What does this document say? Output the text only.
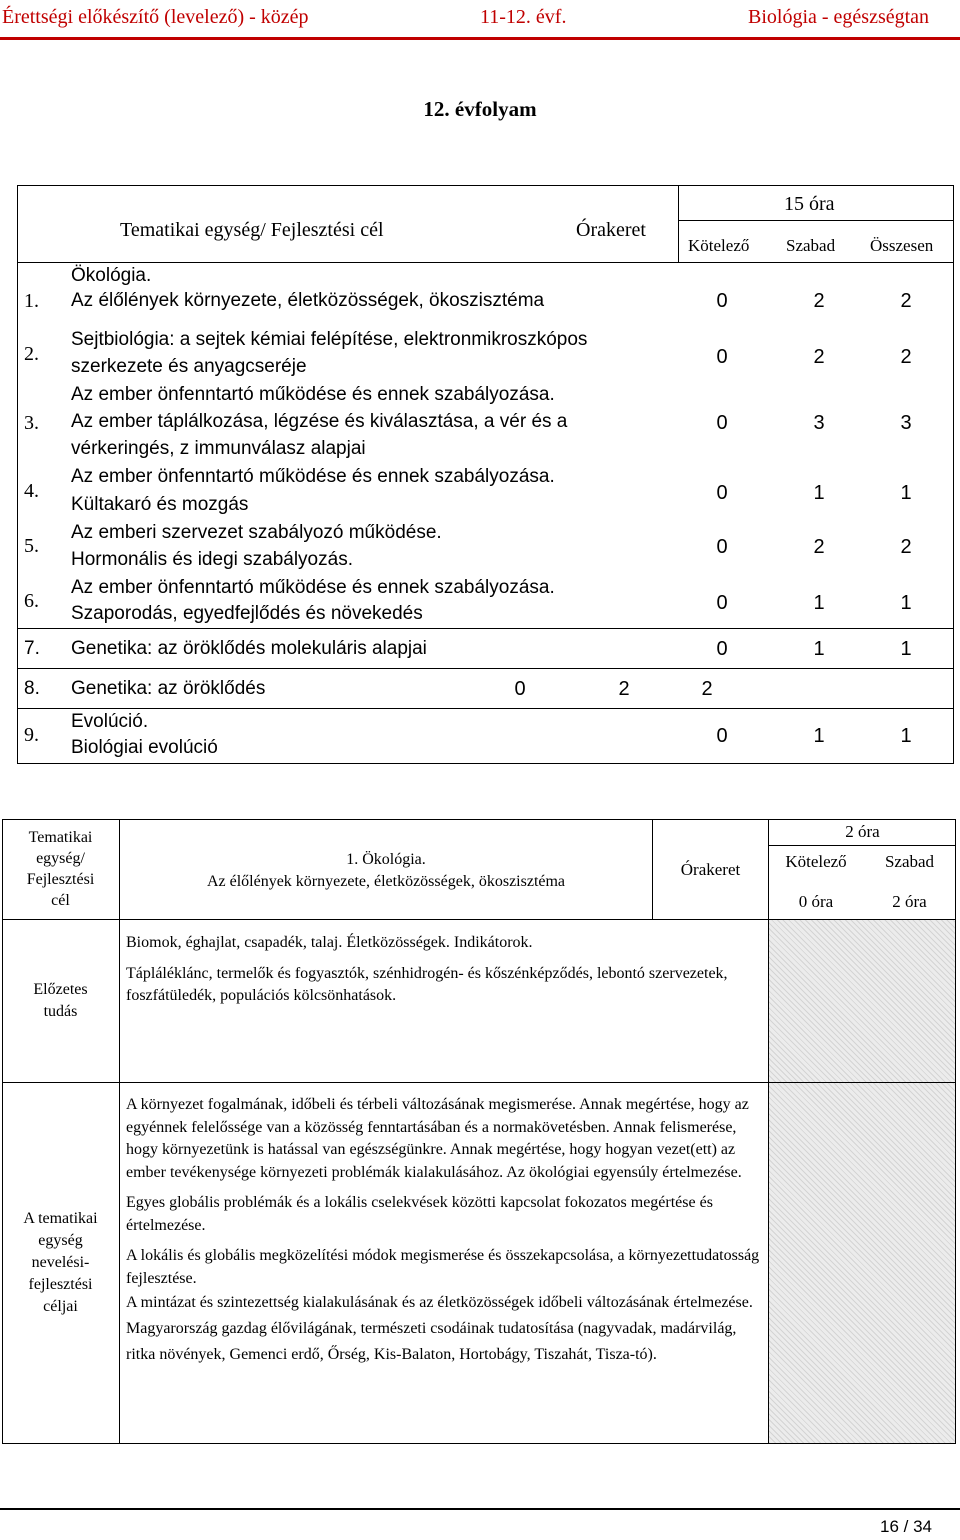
Érettségi előkészítő (levelező) - közép	11-12. évf.	Biológia - egészségtan
12. évfolyam
Tematikai egység/ Fejlesztési cél	Órakeret
15 óra
Kötelező Szabad Összesen
1.
Ökológia.
Az élőlények környezete, életközösségek, ökoszisztéma	0	2	2
2.
Sejtbiológia: a sejtek kémiai felépítése, elektronmikroszkópos
szerkezete és anyagcseréje	0	2	2
3.
Az ember önfenntartó működése és ennek szabályozása.
Az ember táplálkozása, légzése és kiválasztása, a vér és a
vérkeringés, z immunválasz alapjai
0	3	3
4.
Az ember önfenntartó működése és ennek szabályozása.
Kültakaró és mozgás
0	1	1
5.
Az emberi szervezet szabályozó működése.
Hormonális és idegi szabályozás.
0	2	2
6.
Az ember önfenntartó működése és ennek szabályozása.
Szaporodás, egyedfejlődés és növekedés	0	1	1
7. Genetika: az öröklődés molekuláris alapjai	0	1	1
8. Genetika: az öröklődés	0	2	2
9.
Evolúció.
Biológiai evolúció
0	1	1
Tematikai
egység/
Fejlesztési
cél
1. Ökológia.
Az élőlények környezete, életközösségek, ökoszisztéma
Órakeret
2 óra
Kötelező	Szabad
0 óra	2 óra
Előzetes
tudás

Biomok, éghajlat, csapadék, talaj. Életközösségek. Indikátorok.

Tápláléklánc, termelők és fogyasztók, szénhidrogén- és kőszénképződés, lebontó szervezetek, foszfátüledék, populációs kölcsönhatások.

A tematikai
egység
nevelési-
fejlesztési
céljai

A környezet fogalmának, időbeli és térbeli változásának megismerése. Annak megértése, hogy az egyénnek felelőssége van a közösség fenntartásában és a normakövetésben. Annak felismerése, hogy környezetünk is hatással van egészségünkre. Annak megértése, hogy hogyan vezet(ett) az ember tevékenysége környezeti problémák kialakulásához. Az ökológiai egyensúly értelmezése.

Egyes globális problémák és a lokális cselekvések közötti kapcsolat fokozatos megértése és értelmezése.

A lokális és globális megközelítési módok megismerése és összekapcsolása, a környezettudatosság fejlesztése.

A mintázat és szintezettség kialakulásának és az életközösségek időbeli változásának értelmezése. Magyarország gazdag élővilágának, természeti csodáinak tudatosítása (nagyvadak, madárvilág, ritka növények, Gemenci erdő, Őrség, Kis-Balaton, Hortobágy, Tiszahát, Tisza-tó).

16 / 34
